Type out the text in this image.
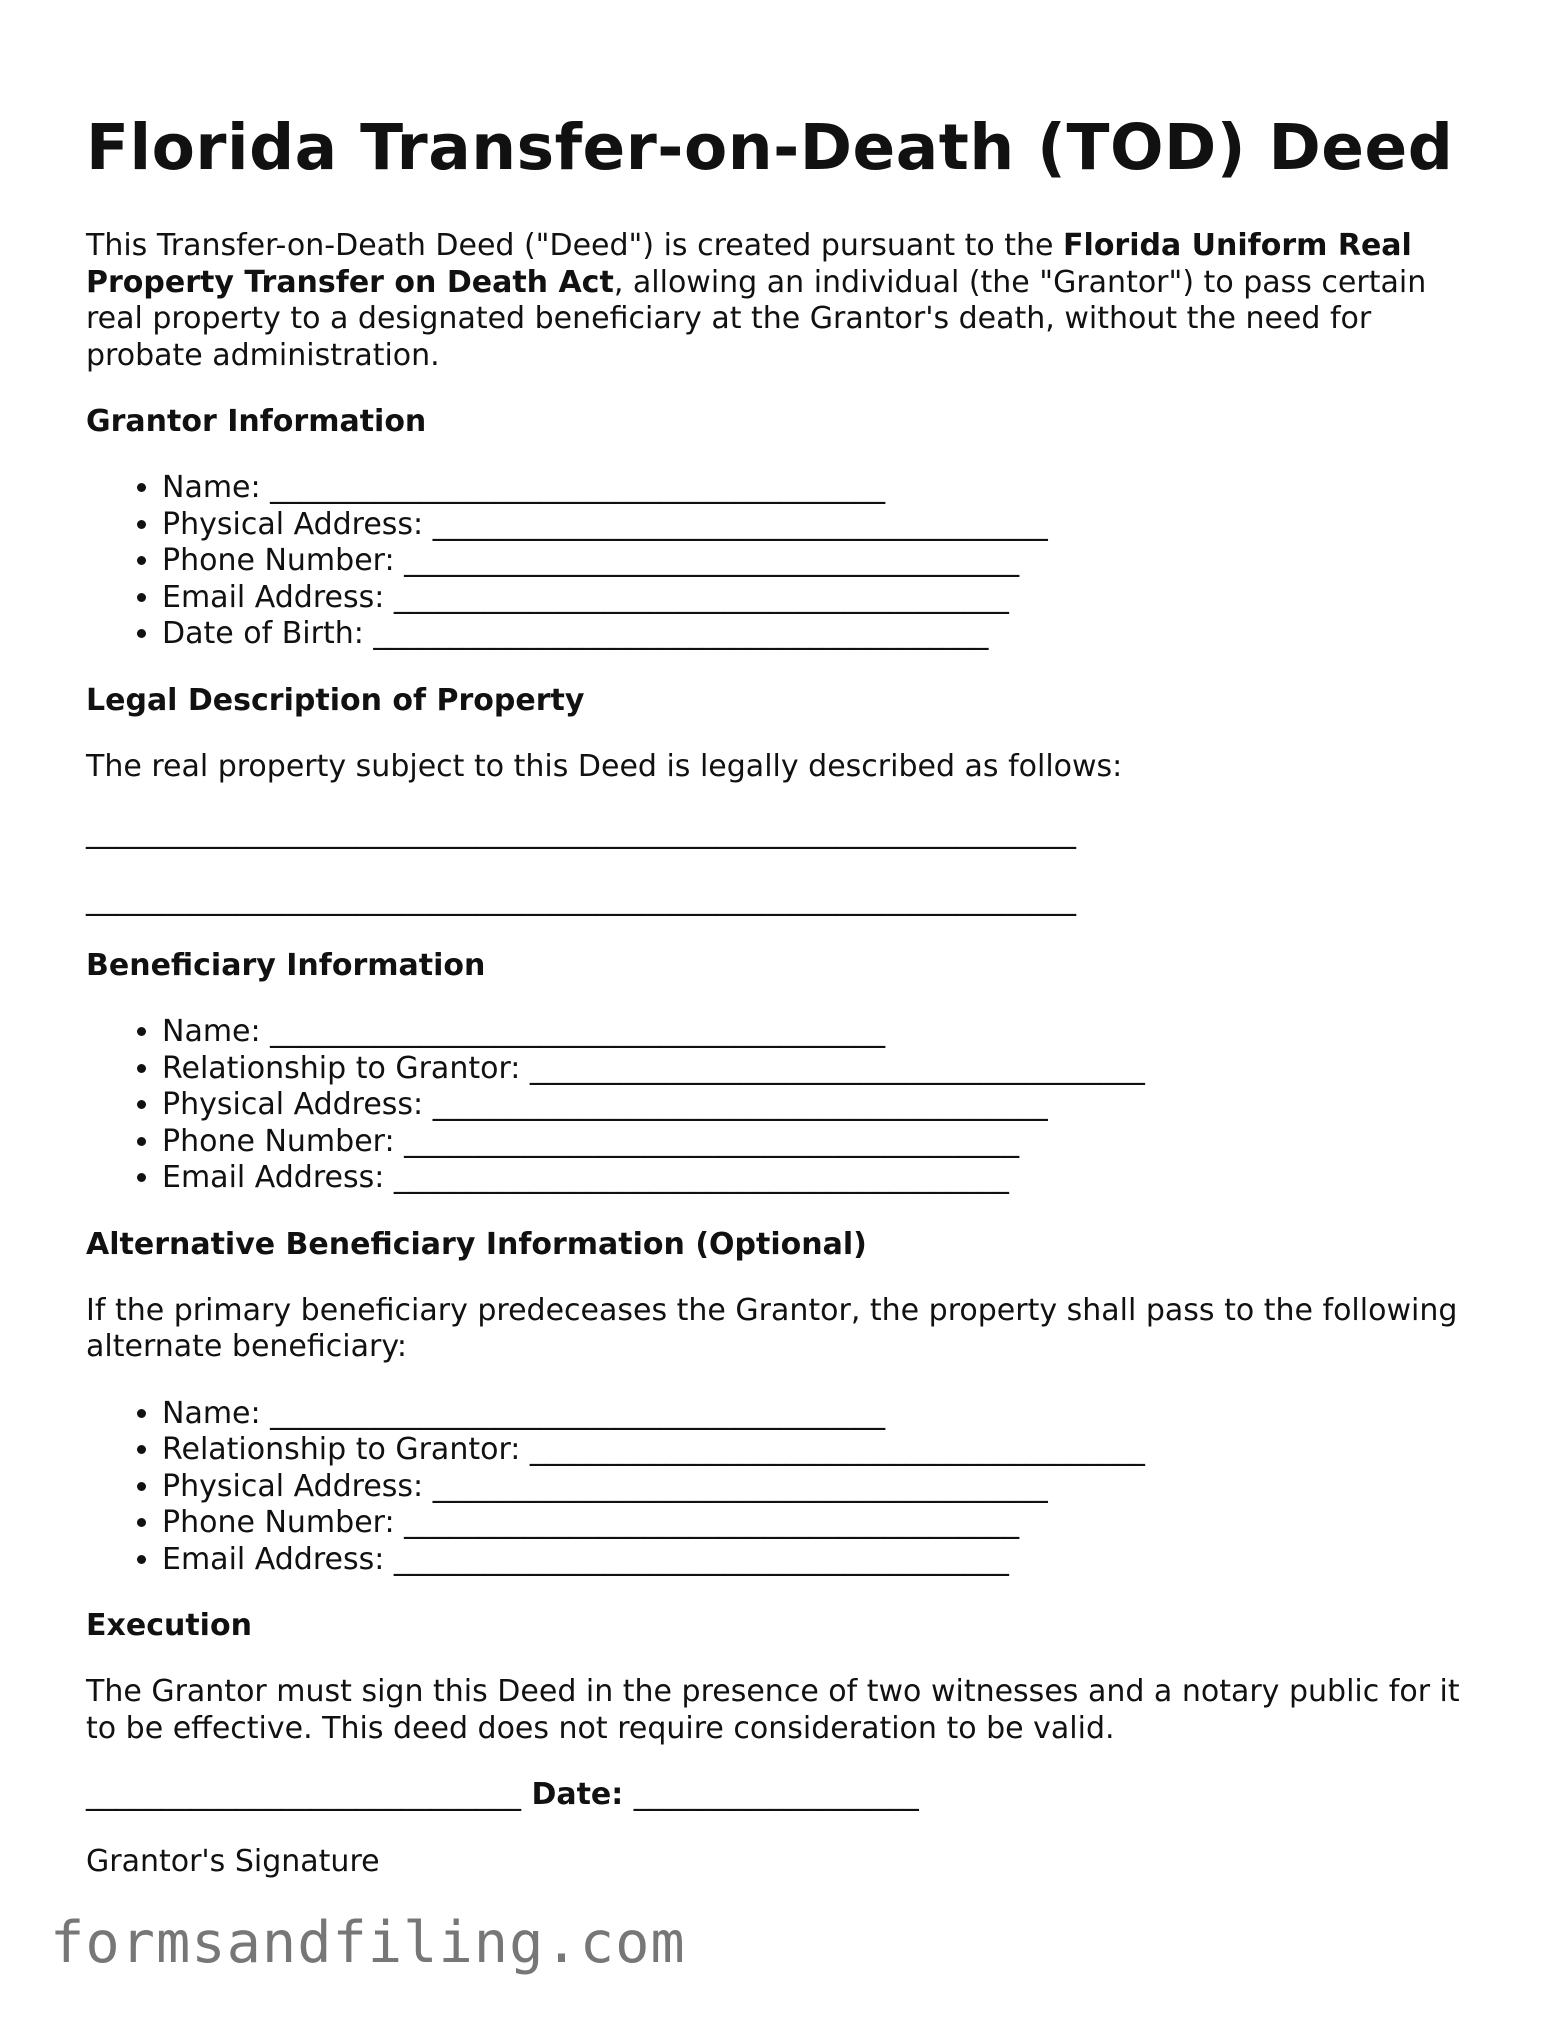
Florida Transfer-on-Death (TOD) Deed

This Transfer-on-Death Deed ("Deed") is created pursuant to the Florida Uniform Real Property Transfer on Death Act, allowing an individual (the "Grantor") to pass certain real property to a designated beneficiary at the Grantor's death, without the need for probate administration.

Grantor Information
• Name: _________________________________________
• Physical Address: _________________________________________
• Phone Number: _________________________________________
• Email Address: _________________________________________
• Date of Birth: _________________________________________
Legal Description of Property

The real property subject to this Deed is legally described as follows:

__________________________________________________________________
__________________________________________________________________
Beneficiary Information
• Name: _________________________________________
• Relationship to Grantor: _________________________________________
• Physical Address: _________________________________________
• Phone Number: _________________________________________
• Email Address: _________________________________________
Alternative Beneficiary Information (Optional)

If the primary beneficiary predeceases the Grantor, the property shall pass to the following alternate beneficiary:

• Name: _________________________________________
• Relationship to Grantor: _________________________________________
• Physical Address: _________________________________________
• Phone Number: _________________________________________
• Email Address: _________________________________________
Execution

The Grantor must sign this Deed in the presence of two witnesses and a notary public for it to be effective. This deed does not require consideration to be valid.

_____________________________ Date: ___________________

Grantor's Signature

formsandfiling.com
